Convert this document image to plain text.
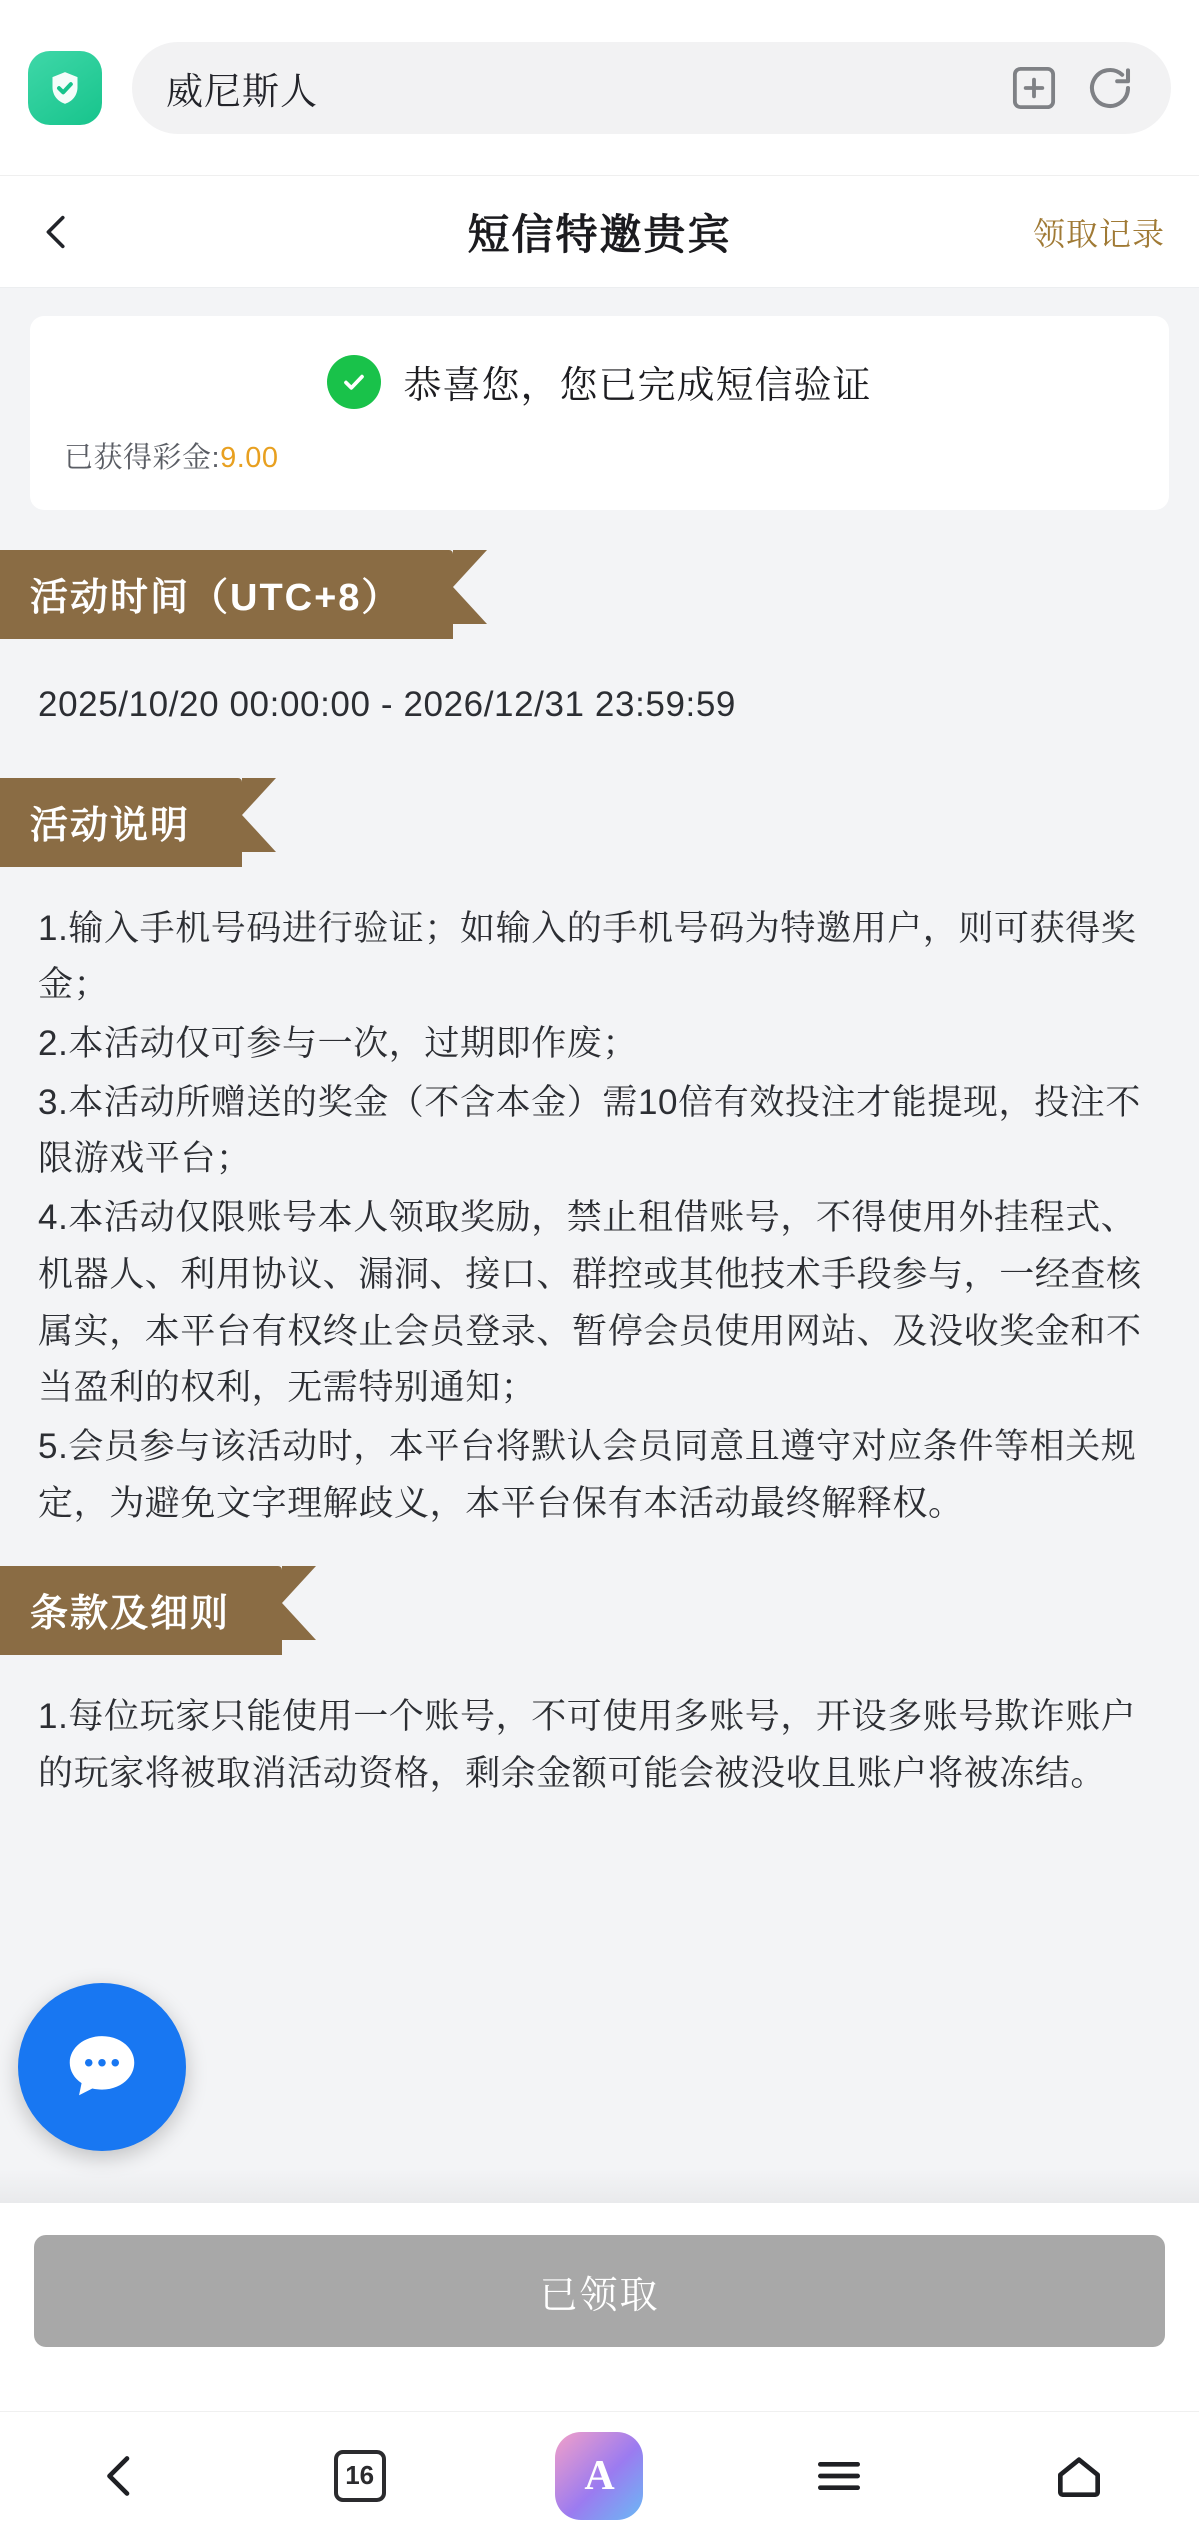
威尼斯人
短信特邀贵宾	领取记录
恭喜您，您已完成短信验证
已获得彩金:9.00
活动时间（UTC+8）

2025/10/20 00:00:00 - 2026/12/31 23:59:59

活动说明

1.输入手机号码进行验证；如输入的手机号码为特邀用户，则可获得奖金；

2.本活动仅可参与一次，过期即作废；

3.本活动所赠送的奖金（不含本金）需10倍有效投注才能提现，投注不限游戏平台；

4.本活动仅限账号本人领取奖励，禁止租借账号，不得使用外挂程式、机器人、利用协议、漏洞、接口、群控或其他技术手段参与，一经查核属实，本平台有权终止会员登录、暂停会员使用网站、及没收奖金和不当盈利的权利，无需特别通知；

5.会员参与该活动时，本平台将默认会员同意且遵守对应条件等相关规定，为避免文字理解歧义，本平台保有本活动最终解释权。

条款及细则

1.每位玩家只能使用一个账号，不可使用多账号，开设多账号欺诈账户的玩家将被取消活动资格，剩余金额可能会被没收且账户将被冻结。

已领取
16	A
